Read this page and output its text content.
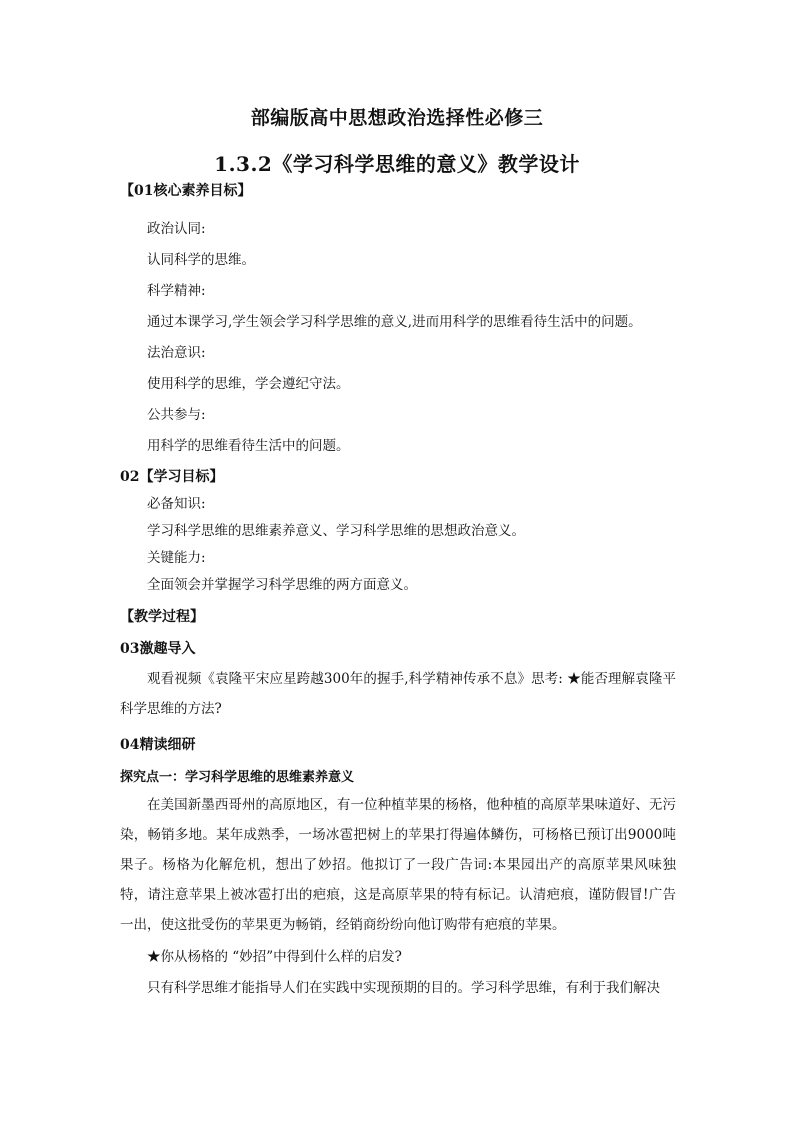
部编版高中思想政治选择性必修三
1.3.2《学习科学思维的意义》教学设计
【01核心素养目标】
政治认同:
认同科学的思维。
科学精神:
通过本课学习,学生领会学习科学思维的意义,进而用科学的思维看待生活中的问题。
法治意识:
使用科学的思维，学会遵纪守法。
公共参与:
用科学的思维看待生活中的问题。
02【学习目标】
必备知识:
学习科学思维的思维素养意义、学习科学思维的思想政治意义。
关键能力:
全面领会并掌握学习科学思维的两方面意义。
【教学过程】
03激趣导入
观看视频《袁隆平宋应星跨越300年的握手,科学精神传承不息》思考: ★能否理解袁隆平科学思维的方法?
04精读细研
探究点一：学习科学思维的思维素养意义
在美国新墨西哥州的高原地区，有一位种植苹果的杨格，他种植的高原苹果味道好、无污染，畅销多地。某年成熟季，一场冰雹把树上的苹果打得遍体鳞伤，可杨格已预订出9000吨果子。杨格为化解危机，想出了妙招。他拟订了一段广告词:本果园出产的高原苹果风味独特，请注意苹果上被冰雹打出的疤痕，这是高原苹果的特有标记。认清疤痕，谨防假冒!广告一出，使这批受伤的苹果更为畅销，经销商纷纷向他订购带有疤痕的苹果。
★你从杨格的 “妙招”中得到什么样的启发?
只有科学思维才能指导人们在实践中实现预期的目的。学习科学思维，有利于我们解决
